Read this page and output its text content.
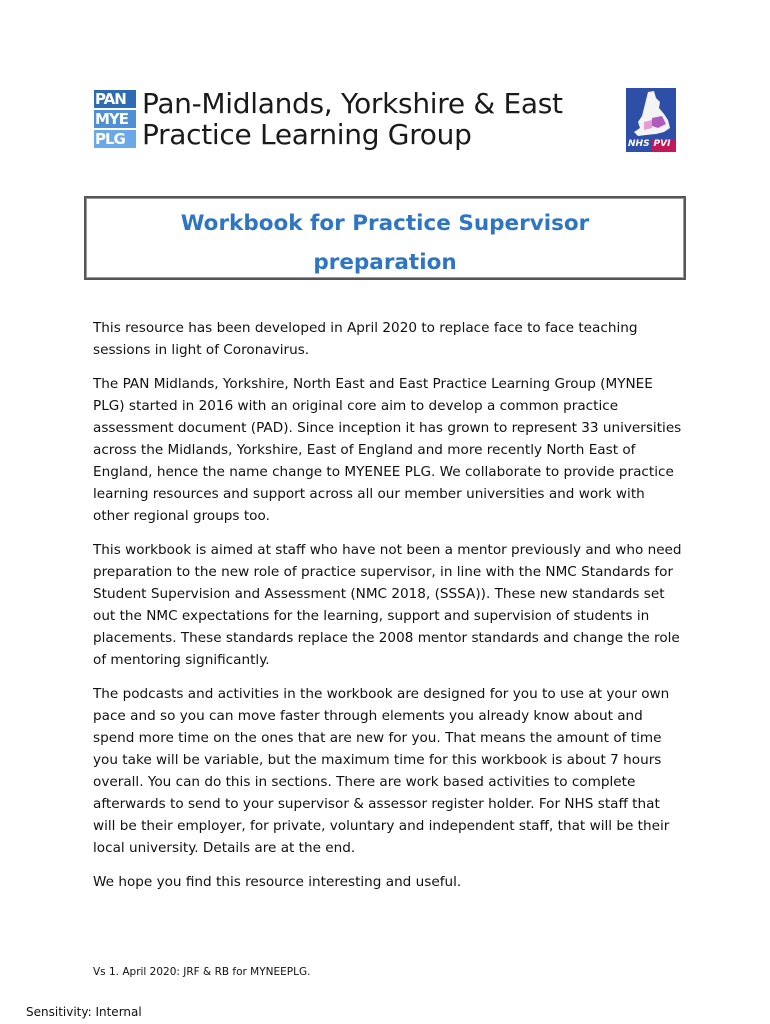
PAN
MYE
PLG
Pan-Midlands, Yorkshire & East
Practice Learning Group	NHS PVI
Workbook for Practice Supervisor
preparation

This resource has been developed in April 2020 to replace face to face teaching sessions in light of Coronavirus.

The PAN Midlands, Yorkshire, North East and East Practice Learning Group (MYNEE PLG) started in 2016 with an original core aim to develop a common practice assessment document (PAD). Since inception it has grown to represent 33 universities across the Midlands, Yorkshire, East of England and more recently North East of England, hence the name change to MYENEE PLG. We collaborate to provide practice learning resources and support across all our member universities and work with other regional groups too.

This workbook is aimed at staff who have not been a mentor previously and who need preparation to the new role of practice supervisor, in line with the NMC Standards for Student Supervision and Assessment (NMC 2018, (SSSA)). These new standards set out the NMC expectations for the learning, support and supervision of students in placements. These standards replace the 2008 mentor standards and change the role of mentoring significantly.

The podcasts and activities in the workbook are designed for you to use at your own pace and so you can move faster through elements you already know about and spend more time on the ones that are new for you. That means the amount of time you take will be variable, but the maximum time for this workbook is about 7 hours overall. You can do this in sections. There are work based activities to complete afterwards to send to your supervisor & assessor register holder. For NHS staff that will be their employer, for private, voluntary and independent staff, that will be their local university. Details are at the end.

We hope you find this resource interesting and useful.

Vs 1. April 2020: JRF & RB for MYNEEPLG.
Sensitivity: Internal
